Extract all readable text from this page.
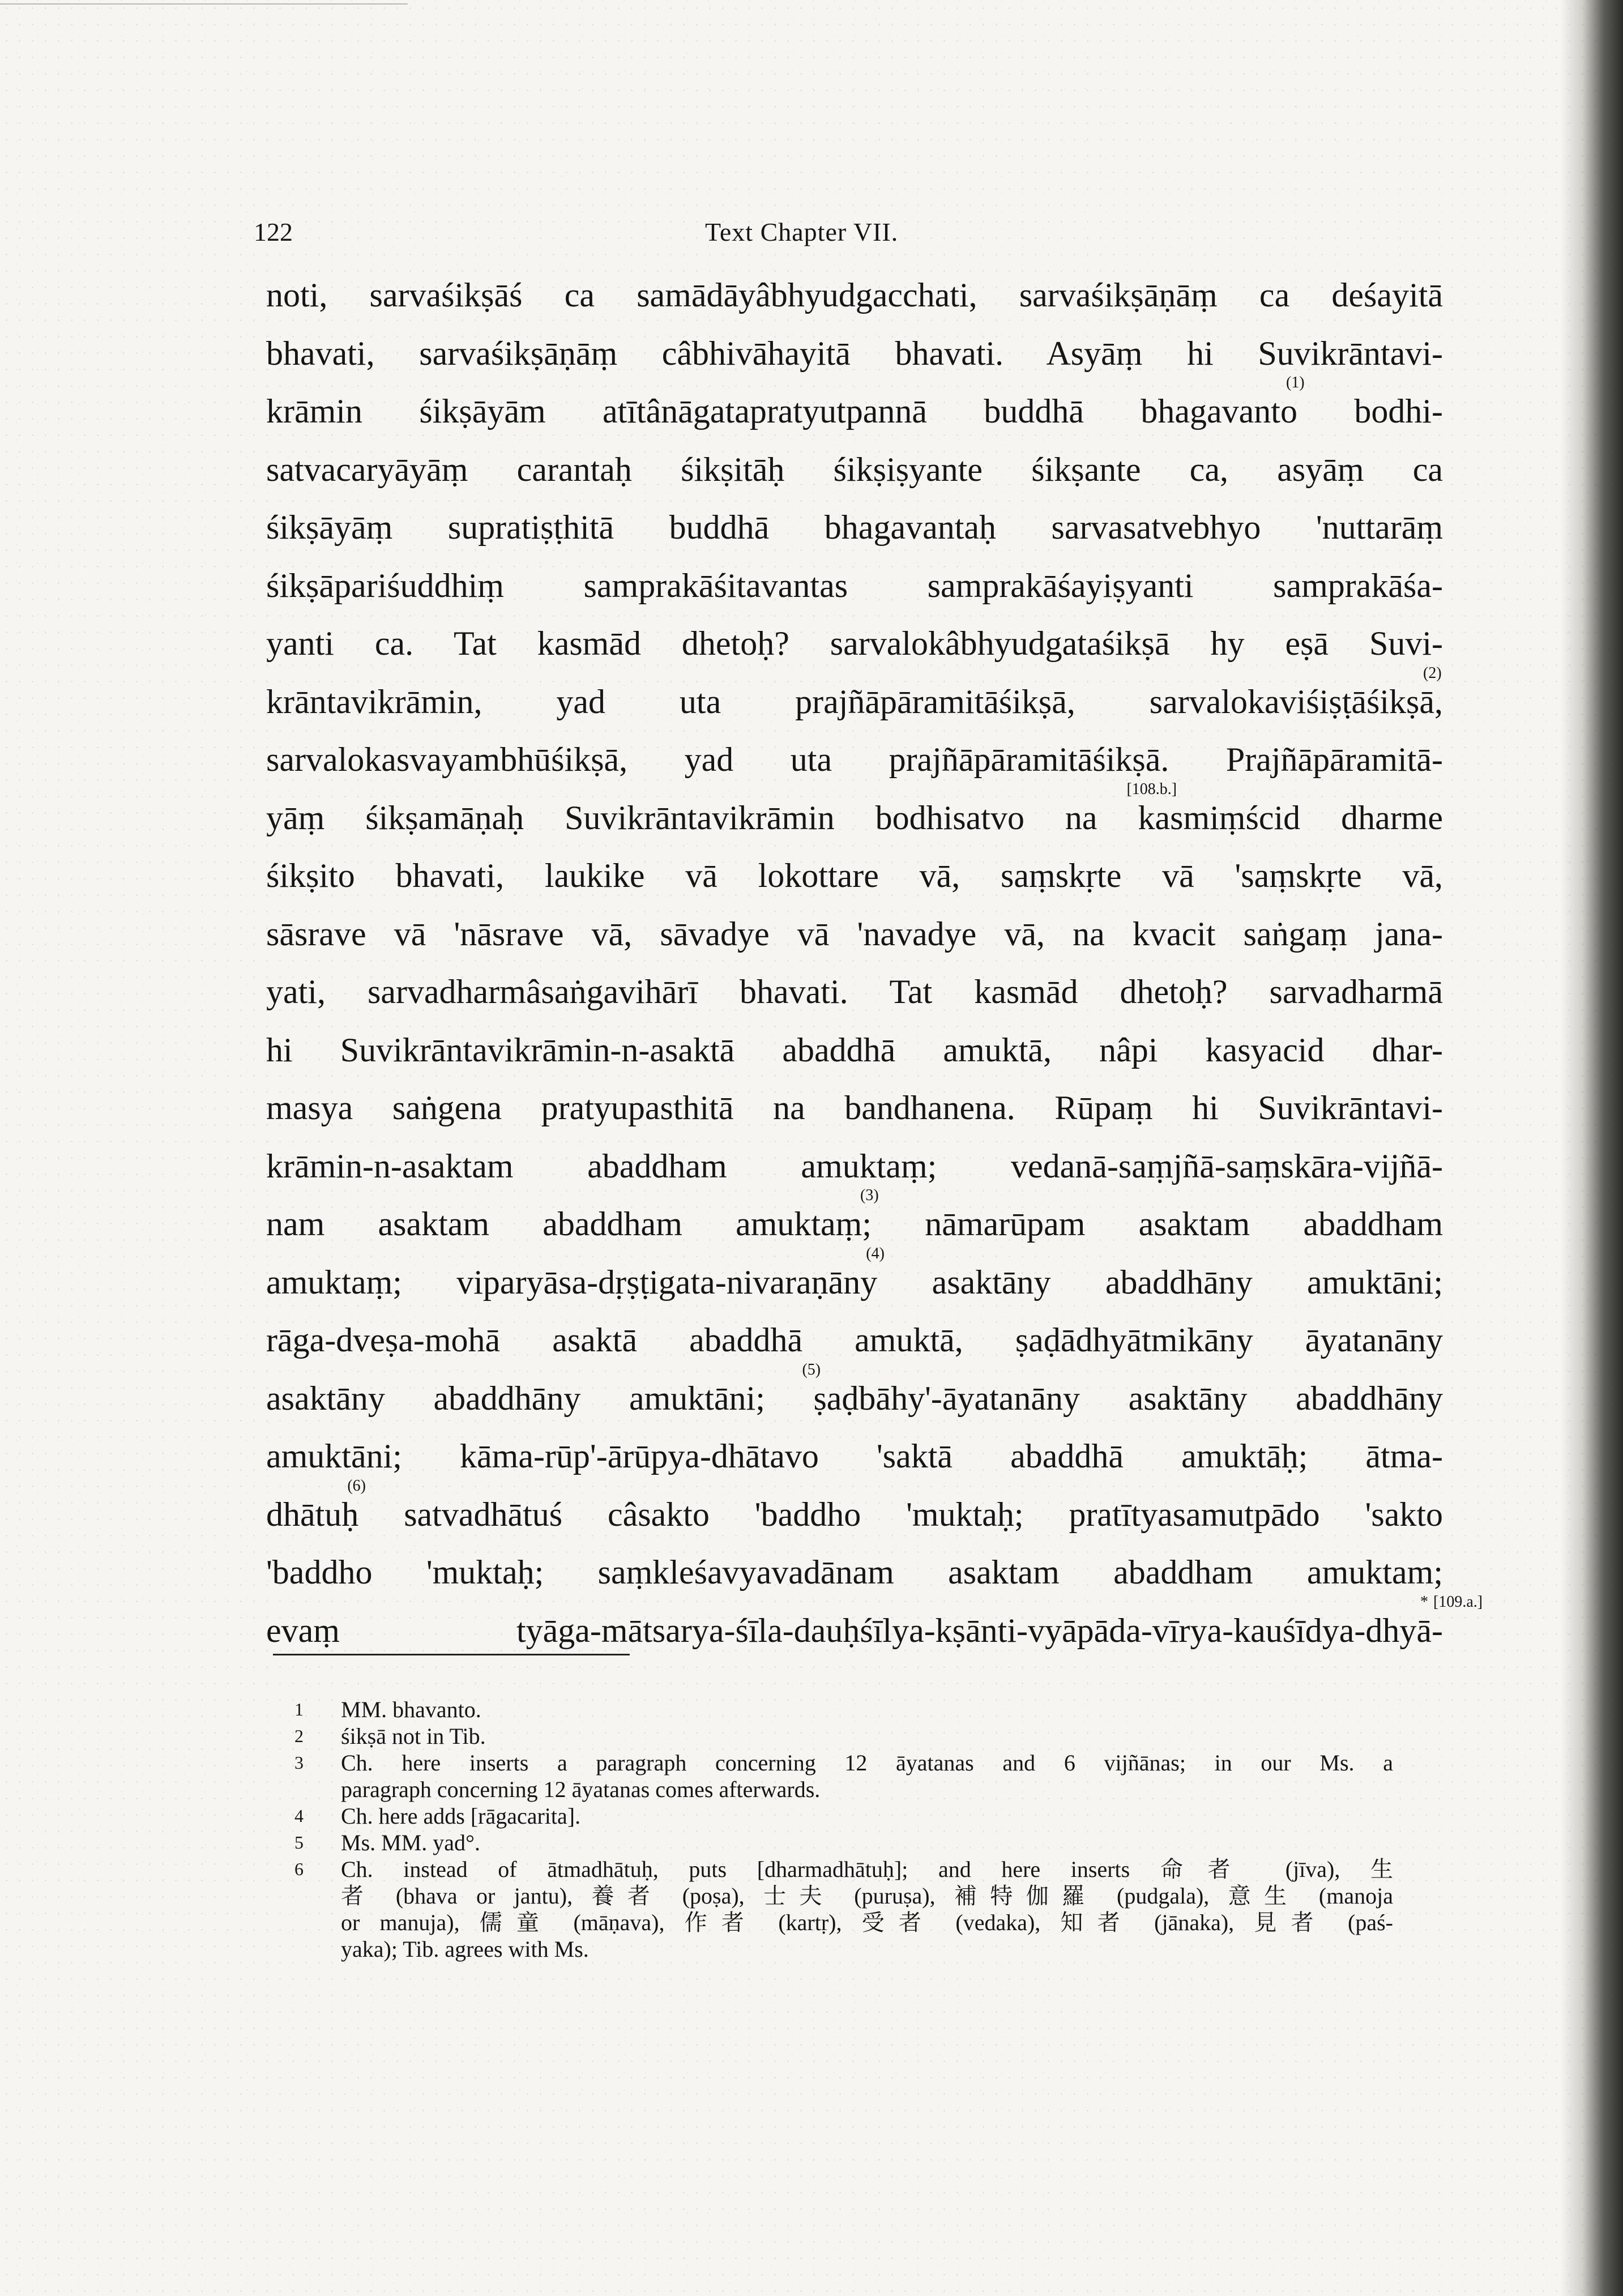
122	Text Chapter VII.
noti, sarvaśikṣāś ca samādāyâbhyudgacchati, sarvaśikṣāṇāṃ ca deśayitā
bhavati, sarvaśikṣāṇāṃ câbhivāhayitā bhavati. Asyāṃ hi Suvikrāntavi-
krāmin śikṣāyām atītânāgatapratyutpannā buddhā bhagavanto
(1)
bodhi-
satvacaryāyāṃ carantaḥ śikṣitāḥ śikṣiṣyante śikṣante ca, asyāṃ ca
śikṣāyāṃ supratiṣṭhitā buddhā bhagavantaḥ sarvasatvebhyo 'nuttarāṃ
śikṣāpariśuddhiṃ samprakāśitavantas samprakāśayiṣyanti samprakāśa-
yanti ca. Tat kasmād dhetoḥ? sarvalokâbhyudgataśikṣā hy eṣā Suvi-
krāntavikrāmin, yad uta prajñāpāramitāśikṣā, sarvalokaviśiṣṭāśikṣā
(2)
,
sarvalokasvayambhūśikṣā, yad uta prajñāpāramitāśikṣā. Prajñāpāramitā-
yāṃ śikṣamāṇaḥ Suvikrāntavikrāmin bodhisatvo na
[108.b.]
kasmiṃścid dharme
śikṣito bhavati, laukike vā lokottare vā, saṃskṛte vā 'saṃskṛte vā,
sāsrave vā 'nāsrave vā, sāvadye vā 'navadye vā, na kvacit saṅgaṃ jana-
yati, sarvadharmâsaṅgavihārī bhavati. Tat kasmād dhetoḥ? sarvadharmā
hi Suvikrāntavikrāmin-n-asaktā abaddhā amuktā, nâpi kasyacid dhar-
masya saṅgena pratyupasthitā na bandhanena. Rūpaṃ hi Suvikrāntavi-
krāmin-n-asaktam abaddham amuktaṃ; vedanā-saṃjñā-saṃskāra-vijñā-
nam asaktam abaddham amuktaṃ;
(3)
nāmarūpam asaktam abaddham
amuktaṃ; viparyāsa-dṛṣṭigata-nivaraṇāny
(4)
asaktāny abaddhāny amuktāni;
rāga-dveṣa-mohā asaktā abaddhā amuktā, ṣaḍādhyātmikāny āyatanāny
asaktāny abaddhāny amuktāni;
(5)
ṣaḍbāhy'-āyatanāny asaktāny abaddhāny
amuktāni; kāma-rūp'-ārūpya-dhātavo 'saktā abaddhā amuktāḥ; ātma-
dhātuḥ
(6)
satvadhātuś câsakto 'baddho 'muktaḥ; pratītyasamutpādo 'sakto
'baddho 'muktaḥ; saṃkleśavyavadānam asaktam abaddham amuktam;
evaṃ tyāga-mātsarya-śīla-dauḥśīlya-kṣānti-vyāpāda-vīrya-kauśīdya-dhyā
* [109.a.]
-
1	MM. bhavanto.
2	śikṣā not in Tib.
3	Ch. here inserts a paragraph concerning 12 āyatanas and 6 vijñānas; in our Ms. a
paragraph concerning 12 āyatanas comes afterwards.
4	Ch. here adds [rāgacarita].
5	Ms. MM. yad°.
6	Ch. instead of ātmadhātuḥ, puts [dharmadhātuḥ]; and here inserts 命者 (jīva), 生
者 (bhava or jantu), 養者 (poṣa), 士夫 (puruṣa), 補特伽羅 (pudgala), 意生 (manoja
or manuja), 儒童 (māṇava), 作者 (kartṛ), 受者 (vedaka), 知者 (jānaka), 見者 (paś-
yaka); Tib. agrees with Ms.
